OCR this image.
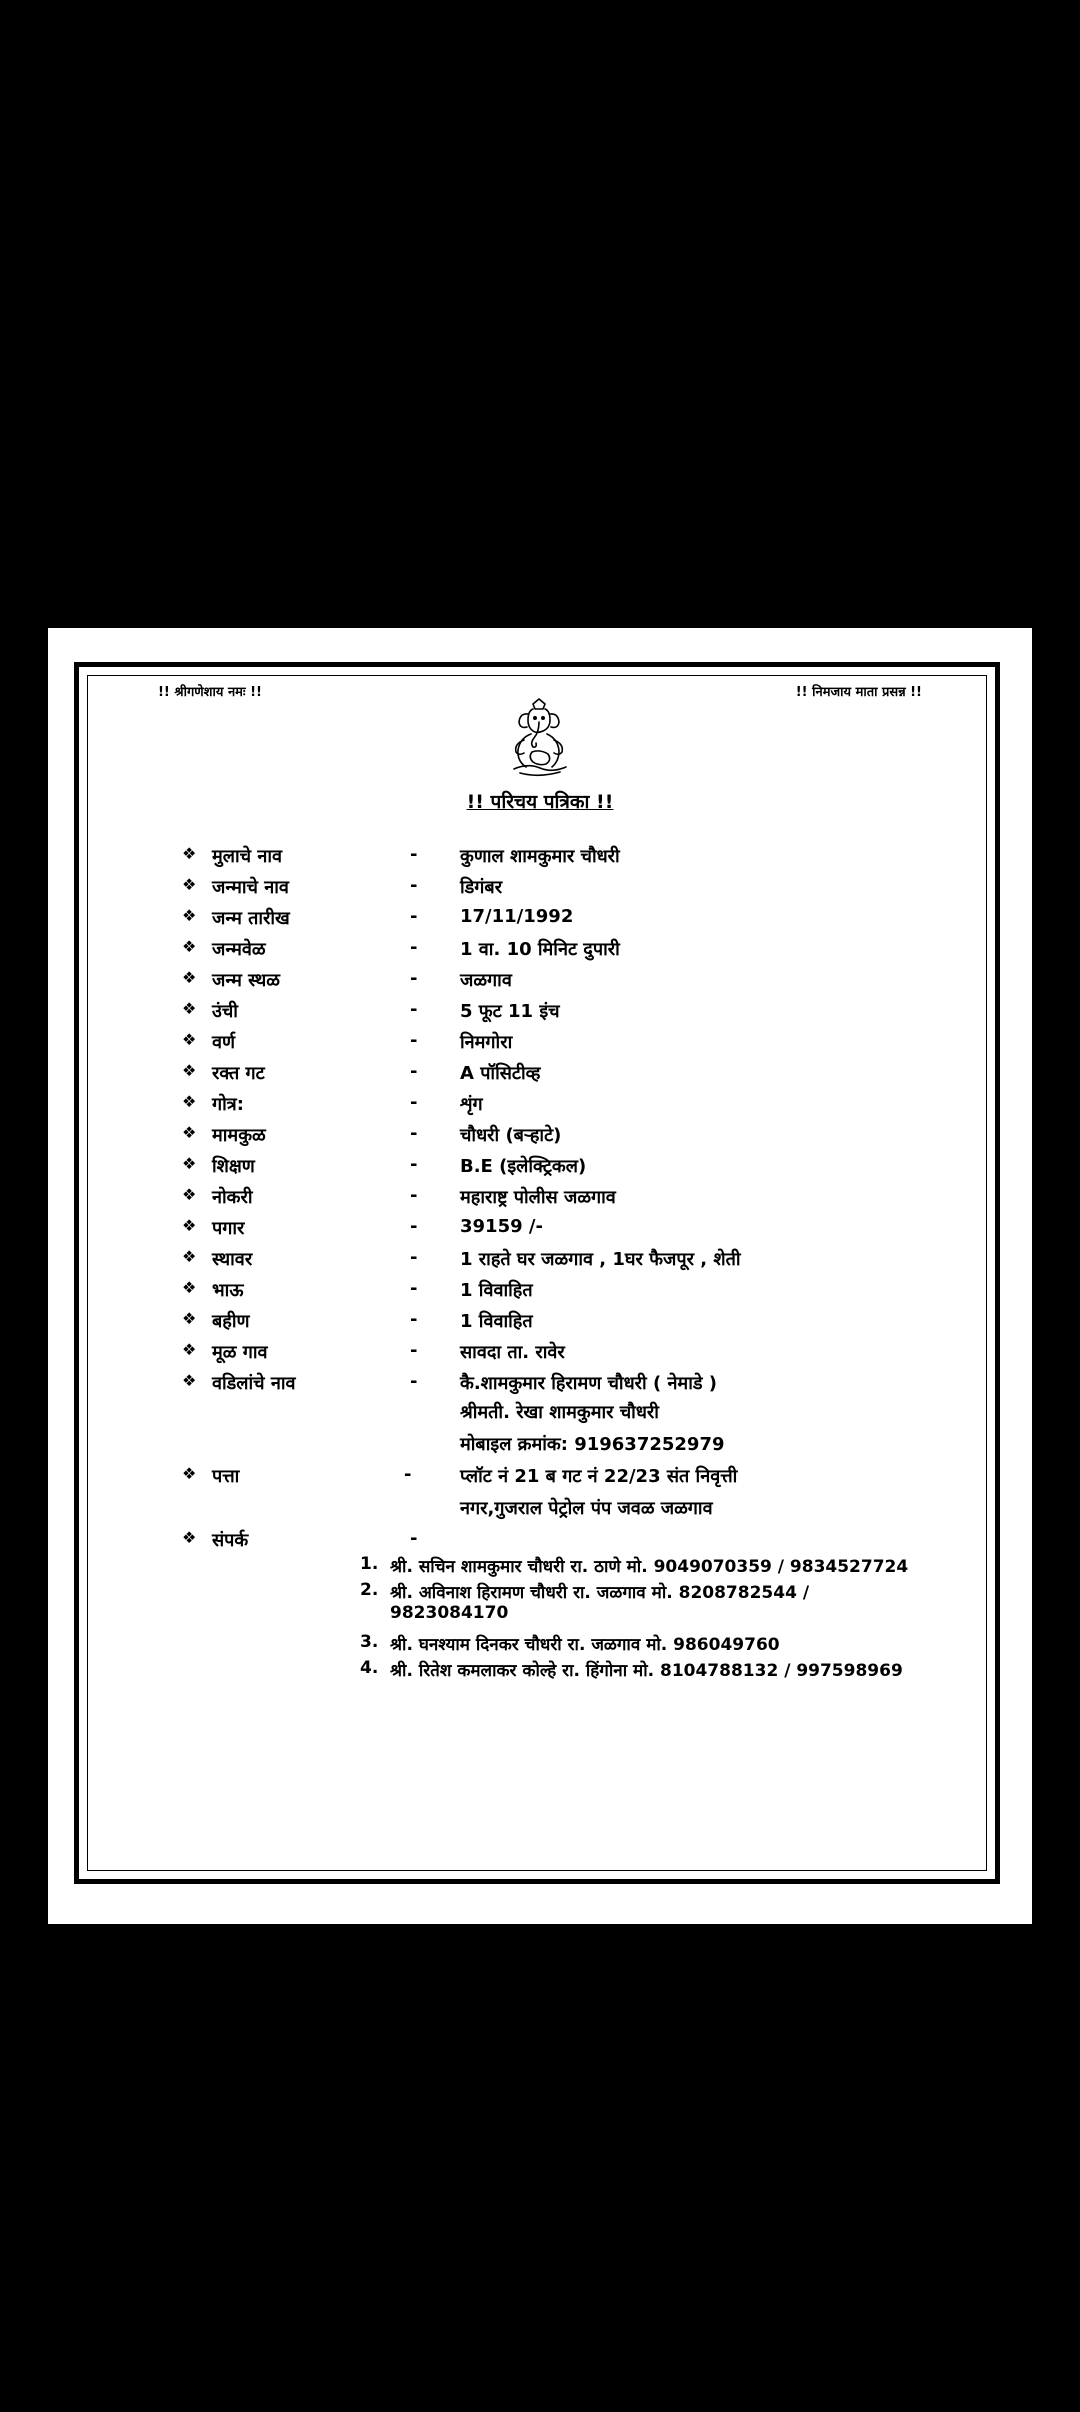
!! श्रीगणेशाय नमः !!	!! निमजाय माता प्रसन्न !!
!! परिचय पत्रिका !!
❖ मुलाचे नाव	- कुणाल शामकुमार चौधरी
❖ जन्माचे नाव	- डिगंबर
❖ जन्म तारीख	- 17/11/1992
❖ जन्मवेळ	- 1 वा. 10 मिनिट दुपारी
❖ जन्म स्थळ	- जळगाव
❖ उंची	- 5 फूट 11 इंच
❖ वर्ण	- निमगोरा
❖ रक्त गट	- A पॉसिटीव्ह
❖ गोत्र:	- शृंग
❖ मामकुळ	- चौधरी (बऱ्हाटे)
❖ शिक्षण	- B.E (इलेक्ट्रिकल)
❖ नोकरी	- महाराष्ट्र पोलीस जळगाव
❖ पगार	- 39159 /-
❖ स्थावर	- 1 राहते घर जळगाव , 1घर फैजपूर , शेती
❖ भाऊ	- 1 विवाहित
❖ बहीण	- 1 विवाहित
❖ मूळ गाव	- सावदा ता. रावेर
❖ वडिलांचे नाव	- कै.शामकुमार हिरामण चौधरी ( नेमाडे )
श्रीमती. रेखा शामकुमार चौधरी
मोबाइल क्रमांक: 919637252979
❖ पत्ता	-	प्लॉट नं 21 ब गट नं 22/23 संत निवृत्ती
नगर,गुजराल पेट्रोल पंप जवळ जळगाव
❖ संपर्क	-
1. श्री. सचिन शामकुमार चौधरी रा. ठाणे मो. 9049070359 / 9834527724
2. श्री. अविनाश हिरामण चौधरी रा. जळगाव मो. 8208782544 /
9823084170
3. श्री. घनश्याम दिनकर चौधरी रा. जळगाव मो. 986049760
4. श्री. रितेश कमलाकर कोल्हे रा. हिंगोना मो. 8104788132 / 997598969
